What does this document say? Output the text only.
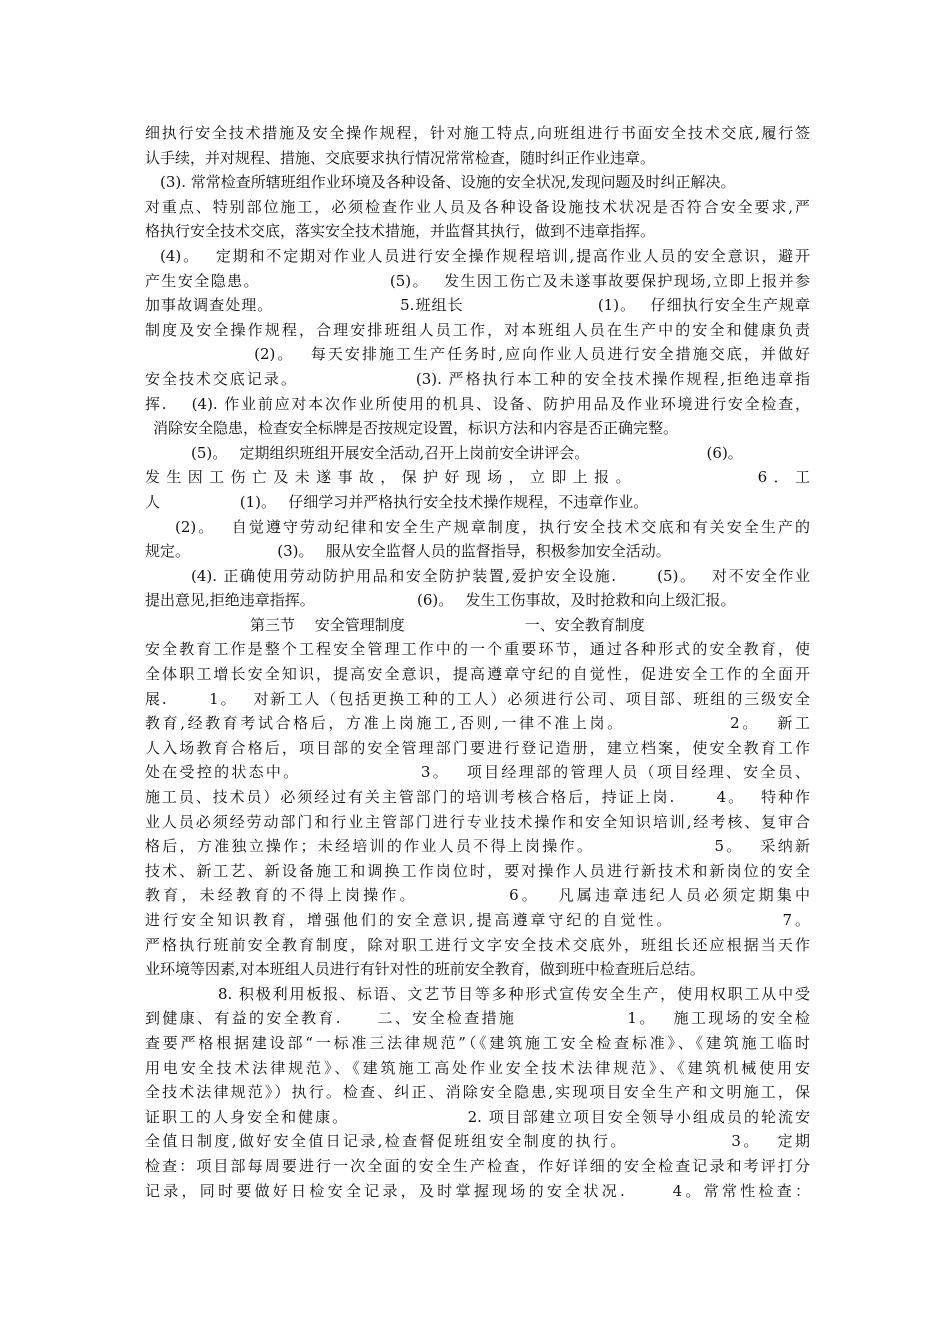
细执行安全技术措施及安全操作规程，针对施工特点,向班组进行书面安全技术交底,履行签
认手续，并对规程、措施、交底要求执行情况常常检查，随时纠正作业违章。
(3). 常常检查所辖班组作业环境及各种设备、设施的安全状况,发现问题及时纠正解决。
对重点、特别部位施工，必须检查作业人员及各种设备设施技术状况是否符合安全要求,严
格执行安全技术交底，落实安全技术措施，并监督其执行，做到不违章指挥。
(4)。　 定期和不定期对作业人员进行安全操作规程培训,提高作业人员的安全意识，避开
产生安全隐患。　　　　　　　　 (5)。　 发生因工伤亡及未遂事故要保护现场,立即上报并参
加事故调查处理。　　　　　　　　 5.班组长　　　　　　　　 (1)。　 仔细执行安全生产规章
制度及安全操作规程，合理安排班组人员工作，对本班组人员在生产中的安全和健康负责
　　　　　　 (2)。　 每天安排施工生产任务时,应向作业人员进行安全措施交底，并做好
安全技术交底记录。　　　　　　　 (3). 严格执行本工种的安全技术操作规程,拒绝违章指
挥.　 (4). 作业前应对本次作业所使用的机具、设备、防护用品及作业环境进行安全检查，
消除安全隐患，检查安全标牌是否按规定设置，标识方法和内容是否正确完整。
(5)。　 定期组织班组开展安全活动,召开上岗前安全讲评会。　　　　　　　　 (6)。
发生因工伤亡及未遂事故，保护好现场，立即上报。　　　　　　6．工
人　　　　　 (1)。　 仔细学习并严格执行安全技术操作规程，不违章作业。
(2)。　 自觉遵守劳动纪律和安全生产规章制度，执行安全技术交底和有关安全生产的
规定。　　　　　　 (3)。　 服从安全监督人员的监督指导，积极参加安全活动。
(4). 正确使用劳动防护用品和安全防护装置,爱护安全设施.　　 (5)。　 对不安全作业
提出意见,拒绝违章指挥。　　　　　　　 (6)。　 发生工伤事故，及时抢救和向上级汇报。
第三节　 安全管理制度　　　　　　　　一、安全教育制度
安全教育工作是整个工程安全管理工作中的一个重要环节，通过各种形式的安全教育，使
全体职工增长安全知识，提高安全意识，提高遵章守纪的自觉性，促进安全工作的全面开
展.　　 1。　 对新工人（包括更换工种的工人）必须进行公司、项目部、班组的三级安全
教育,经教育考试合格后，方准上岗施工,否则,一律不准上岗。　　　　　　 2。　 新工
人入场教育合格后，项目部的安全管理部门要进行登记造册，建立档案，使安全教育工作
处在受控的状态中。　　　　　　　 3。　 项目经理部的管理人员（项目经理、安全员、
施工员、技术员）必须经过有关主管部门的培训考核合格后，持证上岗.　　 4。　 特种作
业人员必须经劳动部门和行业主管部门进行专业技术操作和安全知识培训,经考核、复审合
格后，方准独立操作；未经培训的作业人员不得上岗操作。　　　　　　　 5。　 采纳新
技术、新工艺、新设备施工和调换工作岗位时，要对操作人员进行新技术和新岗位的安全
教育，未经教育的不得上岗操作。　　　　　 6。　 凡属违章违纪人员必须定期集中
进行安全知识教育，增强他们的安全意识,提高遵章守纪的自觉性。　　　　　　 7。
严格执行班前安全教育制度，除对职工进行文字安全技术交底外，班组长还应根据当天作
业环境等因素,对本班组人员进行有针对性的班前安全教育，做到班中检查班后总结。
8. 积极利用板报、标语、文艺节目等多种形式宣传安全生产，使用权职工从中受
到健康、有益的安全教育.　　二、安全检查措施　　　　　　 1。　 施工现场的安全检
查要严格根据建设部“一标准三法律规范”（《建筑施工安全检查标准》、《建筑施工临时
用电安全技术法律规范》、《建筑施工高处作业安全技术法律规范》、《建筑机械使用安
全技术法律规范》）执行。检查、纠正、消除安全隐患,实现项目安全生产和文明施工，保
证职工的人身安全和健康。　　　　　　　 2. 项目部建立项目安全领导小组成员的轮流安
全值日制度,做好安全值日记录,检查督促班组安全制度的执行。　　　　　　 3。　 定期
检查：项目部每周要进行一次全面的安全生产检查，作好详细的安全检查记录和考评打分
记录，同时要做好日检安全记录，及时掌握现场的安全状况.　　 4。常常性检查：
